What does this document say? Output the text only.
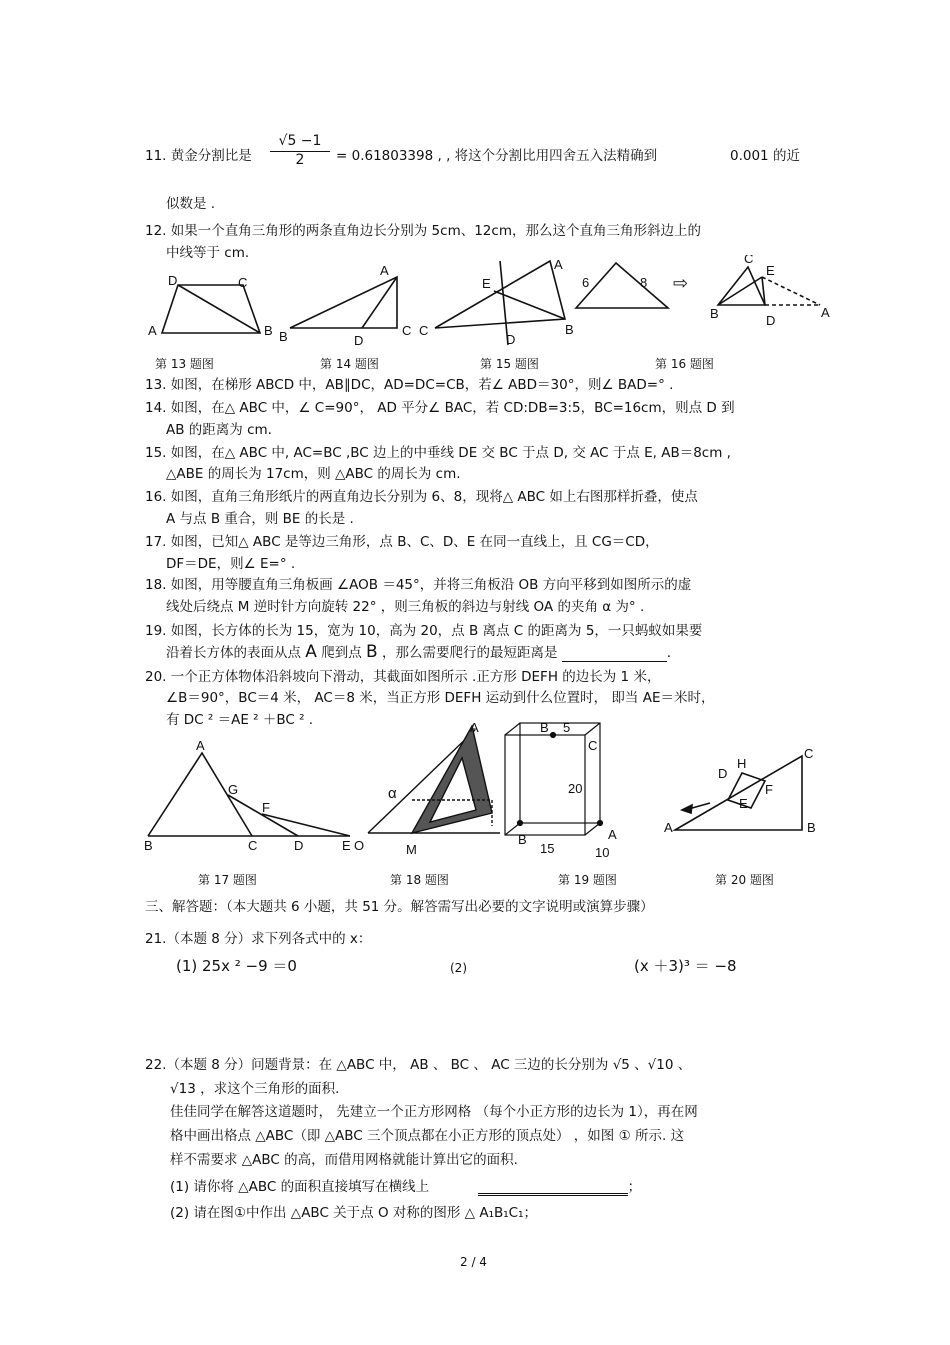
11. 黄金分割比是 $\frac{√5 -1}{2} = 0.61803398$ , , 将这个分割比用四舍五入法精确到	0.001 的近
似数是 .
12. 如果一个直角三角形的两条直角边长分别为 5cm、12cm，那么这个直角三角形斜边上的
中线等于 cm.
D	C
A	B
A
B	D
C
A
E
C
D
B
6	8 ⇨
C
E
B	D
A
第 13 题图	第 14 题图	第 15 题图	第 16 题图
13. 如图，在梯形 ABCD 中，AB∥DC，AD=DC=CB，若∠ ABD＝30°，则∠ BAD=° .
14. 如图，在△ ABC 中，∠ C=90°， AD 平分∠ BAC，若 CD:DB=3:5，BC=16cm，则点 D 到
AB 的距离为 cm.
15. 如图，在△ ABC 中, AC=BC ,BC 边上的中垂线 DE 交 BC 于点 D, 交 AC 于点 E, AB＝8cm ,
△ABE 的周长为 17cm，则 △ABC 的周长为 cm.
16. 如图，直角三角形纸片的两直角边长分别为 6、8，现将△ ABC 如上右图那样折叠，使点
A 与点 B 重合，则 BE 的长是 .
17. 如图，已知△ ABC 是等边三角形，点 B、C、D、E 在同一直线上，且 CG＝CD，
DF＝DE，则∠ E=° .
18. 如图，用等腰直角三角板画 ∠AOB ＝45°，并将三角板沿 OB 方向平移到如图所示的虚
线处后绕点 M 逆时针方向旋转 22° ，则三角板的斜边与射线 OA 的夹角 α 为° .
19. 如图，长方体的长为 15，宽为 10，高为 20，点 B 离点 C 的距离为 5，一只蚂蚁如果要
沿着长方体的表面从点 A 爬到点 B ，那么需要爬行的最短距离是	.
20. 一个正方体物体沿斜坡向下滑动，其截面如图所示 .正方形 DEFH 的边长为 1 米，
∠B＝90°，BC＝4 米， AC＝8 米，当正方形 DEFH 运动到什么位置时， 即当 AE＝米时，
有 DC ² ＝AE ² ＋BC ² .
A
G
F
B	C	D	E
A
α
O	M
B 5
C
20
A
B
15	10
H
C
D
F
E
A	B
第 17 题图	第 18 题图	第 19 题图	第 20 题图
三、解答题：（本大题共 6 小题，共 51 分。解答需写出必要的文字说明或演算步骤）
21.（本题 8 分）求下列各式中的 x：
(1) 25x ² −9 ＝0	(2)	(x ＋3)³ ＝ −8
22.（本题 8 分）问题背景：在 △ABC 中， AB 、 BC 、 AC 三边的长分别为 √5 、√10 、
√13 ，求这个三角形的面积.
佳佳同学在解答这道题时， 先建立一个正方形网格 （每个小正方形的边长为 1），再在网
格中画出格点 △ABC（即 △ABC 三个顶点都在小正方形的顶点处） ，如图 ① 所示. 这
样不需要求 △ABC 的高，而借用网格就能计算出它的面积.
(1) 请你将 △ABC 的面积直接填写在横线上	；
(2) 请在图①中作出 △ABC 关于点 O 对称的图形 △ A₁B₁C₁；
2 / 4
